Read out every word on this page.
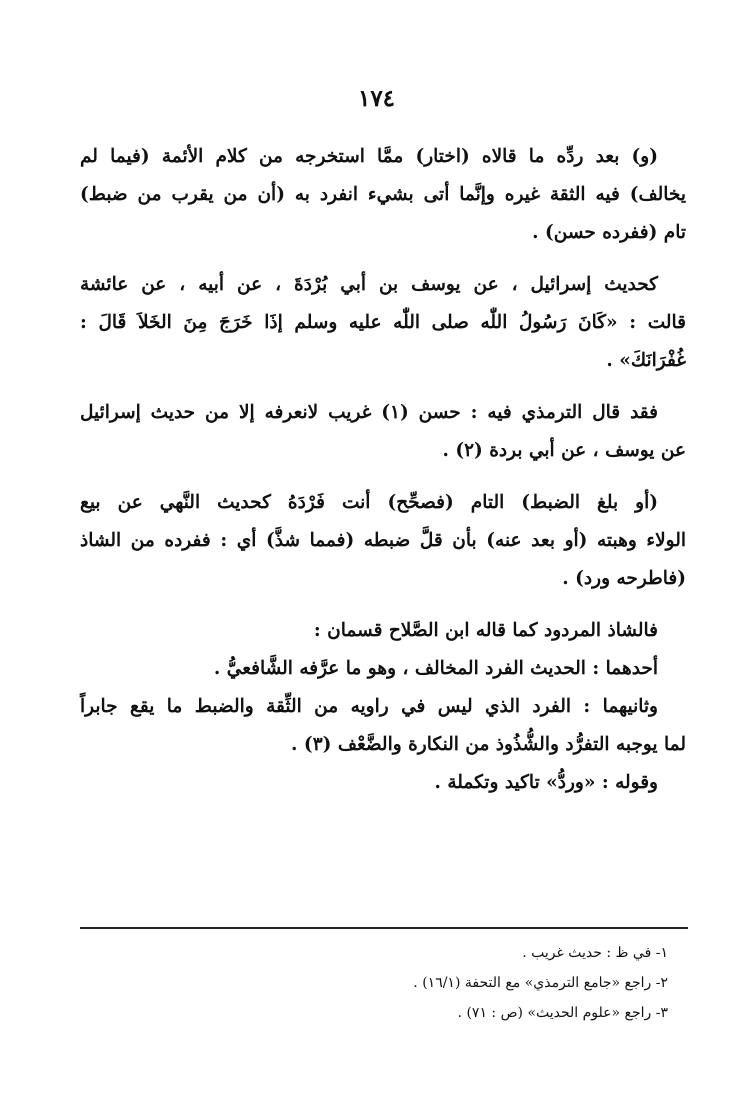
١٧٤
(و) بعد ردِّه ما قالاه (اختار) ممَّا استخرجه من كلام الأئمة (فيما لم
يخالف) فيه الثقة غيره وإنَّما أتى بشيء انفرد به (أن من يقرب من ضبط)
تام (ففرده حسن) .
كحديث إسرائيل ، عن يوسف بن أبي بُرْدَةَ ، عن أبيه ، عن عائشة
قالت : «كَانَ رَسُولُ اللّٰه صلى اللّٰه عليه وسلم إذَا خَرَجَ مِنَ الخَلاَ قَالَ :
غُفْرَانَكَ» .
فقد قال الترمذي فيه : حسن (١) غريب لانعرفه إلا من حديث إسرائيل
عن يوسف ، عن أبي بردة (٢) .
(أو بلغ الضبط) التام (فصحِّح) أنت فَرْدَهُ كحديث النَّهي عن بيع
الولاء وهبته (أو بعد عنه) بأن قلَّ ضبطه (فمما شذَّ) أي : ففرده من الشاذ
(فاطرحه ورد) .
فالشاذ المردود كما قاله ابن الصَّلاح قسمان :
أحدهما : الحديث الفرد المخالف ، وهو ما عرَّفه الشَّافعيُّ .
وثانيهما : الفرد الذي ليس في راويه من الثِّقة والضبط ما يقع جابراً
لما يوجبه التفرُّد والشُّذُوذ من النكارة والضَّعْف (٣) .
وقوله : «وردُّ» تاكيد وتكملة .
١- في ظ : حديث غريب .
٢- راجع «جامع الترمذي» مع التحفة (١٦/١) .
٣- راجع «علوم الحديث» (ص : ٧١) .
